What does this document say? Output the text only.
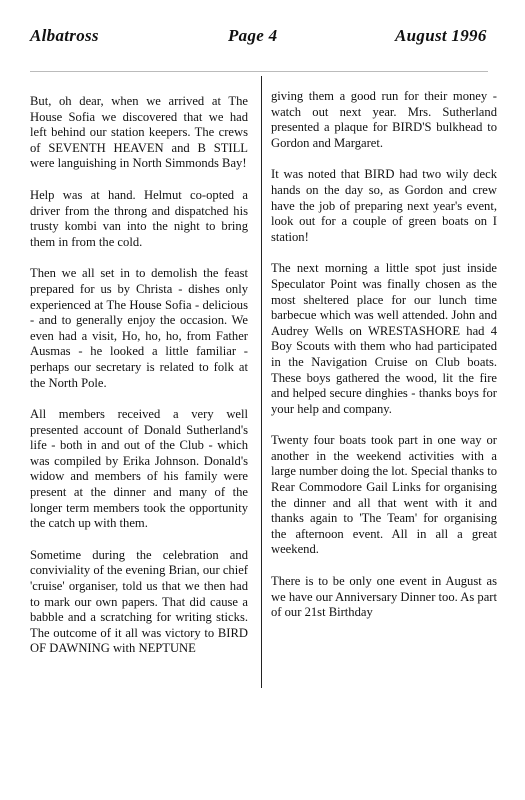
Albatross	Page 4	August 1996

But, oh dear, when we arrived at The House Sofia we discovered that we had left behind our station keepers. The crews of SEVENTH HEAVEN and B STILL were languishing in North Simmonds Bay!

Help was at hand. Helmut co-opted a driver from the throng and dispatched his trusty kombi van into the night to bring them in from the cold.

Then we all set in to demolish the feast prepared for us by Christa - dishes only experienced at The House Sofia - delicious - and to generally enjoy the occasion. We even had a visit, Ho, ho, ho, from Father Ausmas - he looked a little familiar - perhaps our secretary is related to folk at the North Pole.

All members received a very well presented account of Donald Sutherland's life - both in and out of the Club - which was compiled by Erika Johnson. Donald's widow and members of his family were present at the dinner and many of the longer term members took the opportunity the catch up with them.

Sometime during the celebration and conviviality of the evening Brian, our chief 'cruise' organiser, told us that we then had to mark our own papers. That did cause a babble and a scratching for writing sticks. The outcome of it all was victory to BIRD OF DAWNING with NEPTUNE

giving them a good run for their money - watch out next year. Mrs. Sutherland presented a plaque for BIRD'S bulkhead to Gordon and Margaret.

It was noted that BIRD had two wily deck hands on the day so, as Gordon and crew have the job of preparing next year's event, look out for a couple of green boats on I station!

The next morning a little spot just inside Speculator Point was finally chosen as the most sheltered place for our lunch time barbecue which was well attended. John and Audrey Wells on WRESTASHORE had 4 Boy Scouts with them who had participated in the Navigation Cruise on Club boats. These boys gathered the wood, lit the fire and helped secure dinghies - thanks boys for your help and company.

Twenty four boats took part in one way or another in the weekend activities with a large number doing the lot. Special thanks to Rear Commodore Gail Links for organising the dinner and all that went with it and thanks again to 'The Team' for organising the afternoon event. All in all a great weekend.

There is to be only one event in August as we have our Anniversary Dinner too. As part of our 21st Birthday
